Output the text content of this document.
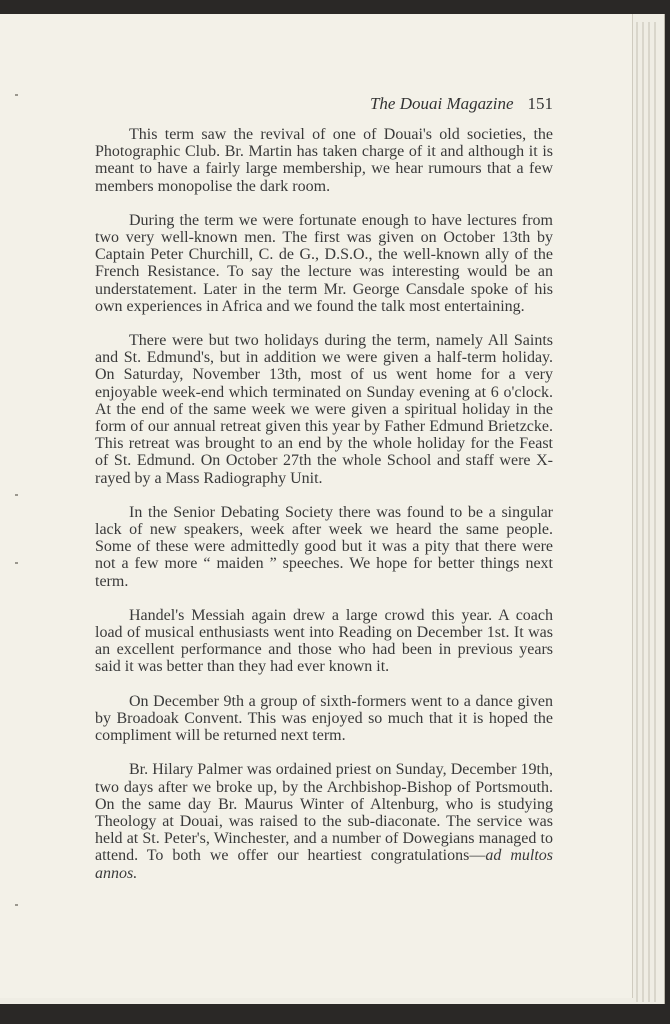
The Douai Magazine 151

This term saw the revival of one of Douai's old societies, the Photographic Club. Br. Martin has taken charge of it and although it is meant to have a fairly large membership, we hear rumours that a few members monopolise the dark room.

During the term we were fortunate enough to have lectures from two very well-known men. The first was given on October 13th by Captain Peter Churchill, C. de G., D.S.O., the well-known ally of the French Resistance. To say the lecture was interesting would be an understatement. Later in the term Mr. George Cansdale spoke of his own experiences in Africa and we found the talk most entertaining.

There were but two holidays during the term, namely All Saints and St. Edmund's, but in addition we were given a half-term holiday. On Saturday, November 13th, most of us went home for a very enjoyable week-end which terminated on Sunday evening at 6 o'clock. At the end of the same week we were given a spiritual holiday in the form of our annual retreat given this year by Father Edmund Brietzcke. This retreat was brought to an end by the whole holiday for the Feast of St. Edmund. On October 27th the whole School and staff were X-rayed by a Mass Radiography Unit.

In the Senior Debating Society there was found to be a singular lack of new speakers, week after week we heard the same people. Some of these were admittedly good but it was a pity that there were not a few more “ maiden ” speeches. We hope for better things next term.

Handel's Messiah again drew a large crowd this year. A coach load of musical enthusiasts went into Reading on December 1st. It was an excellent performance and those who had been in previous years said it was better than they had ever known it.

On December 9th a group of sixth-formers went to a dance given by Broadoak Convent. This was enjoyed so much that it is hoped the compliment will be returned next term.

Br. Hilary Palmer was ordained priest on Sunday, December 19th, two days after we broke up, by the Archbishop-Bishop of Portsmouth. On the same day Br. Maurus Winter of Altenburg, who is studying Theology at Douai, was raised to the sub-diaconate. The service was held at St. Peter's, Winchester, and a number of Dowegians managed to attend. To both we offer our heartiest congratulations—ad multos annos.
